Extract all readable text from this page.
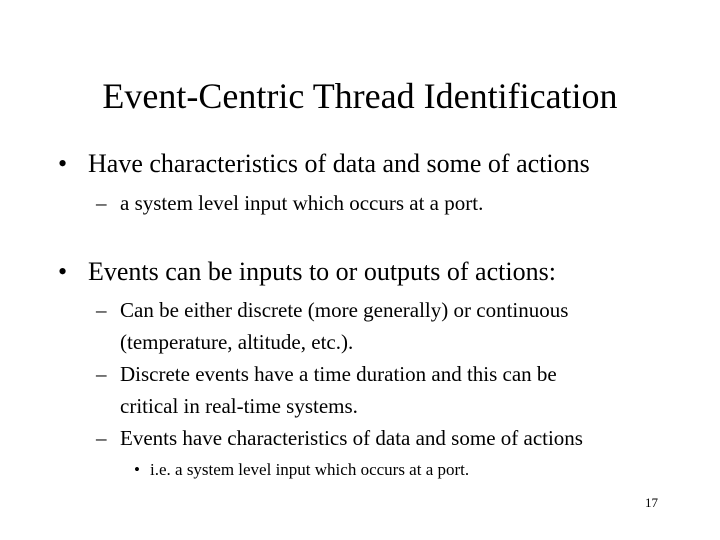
Event-Centric Thread Identification
• Have characteristics of data and some of actions
– a system level input which occurs at a port.
• Events can be inputs to or outputs of actions:
– Can be either discrete (more generally) or continuous
(temperature, altitude, etc.).
– Discrete events have a time duration and this can be
critical in real-time systems.
– Events have characteristics of data and some of actions
• i.e. a system level input which occurs at a port.
17
